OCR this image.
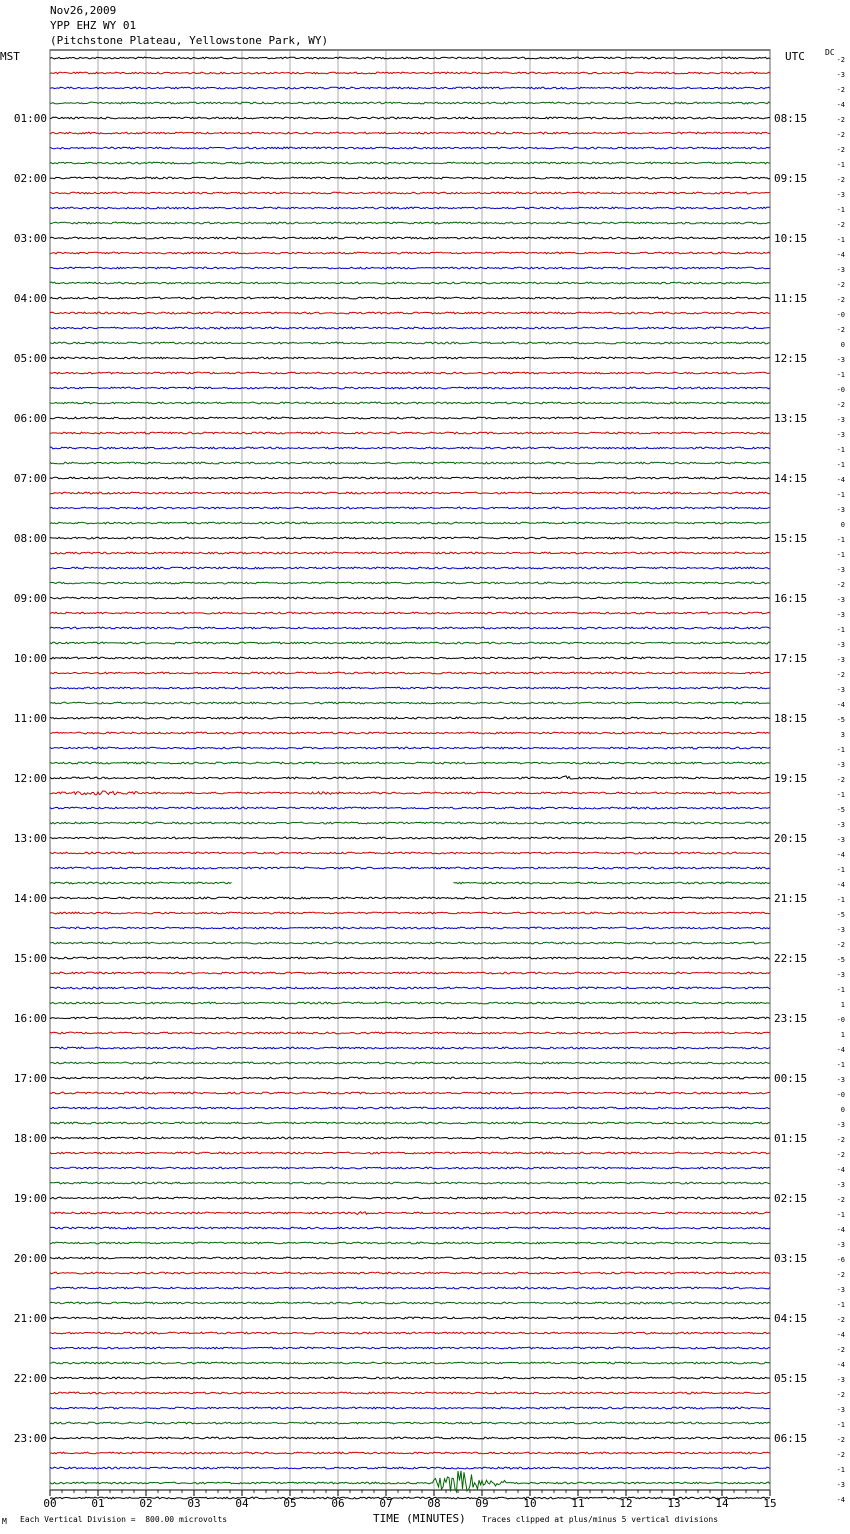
Nov26,2009
YPP EHZ WY 01
(Pitchstone Plateau, Yellowstone Park, WY)
MST	UTC	DC
00	01	02	03	04	05	06	07	08	09	10	11	12	13	14	15
-2
-3
-2
-4
-2
-2
-2
-1
-2
-3
-1
-2
-1
-4
-3
-2
-2
-0
-2
0
-3
-1
-0
-2
-3
-3
-1
-1
-4
-1
-3
0
-1
-1
-3
-2
-3
-3
-1
-3
-3
-2
-3
-4
-5
3
-1
-3
-2
-1
-5
-3
-3
-4
-1
-4
-1
-5
-3
-2
-5
-3
-1
1
-0
1
-4
-1
-3
-0
0
-3
-2
-2
-4
-3
-2
-1
-4
-3
-6
-2
-3
-1
-2
-4
-2
-4
-3
-2
-3
-1
-2
-2
-1
-3
-4
01:00
02:00
03:00
04:00
05:00
06:00
07:00
08:00
09:00
10:00
11:00
12:00
13:00
14:00
15:00
16:00
17:00
18:00
19:00
20:00
21:00
22:00
23:00
08:15
09:15
10:15
11:15
12:15
13:15
14:15
15:15
16:15
17:15
18:15
19:15
20:15
21:15
22:15
23:15
00:15
01:15
02:15
03:15
04:15
05:15
06:15
M Each Vertical Division =  800.00 microvolts	TIME (MINUTES) Traces clipped at plus/minus 5 vertical divisions
